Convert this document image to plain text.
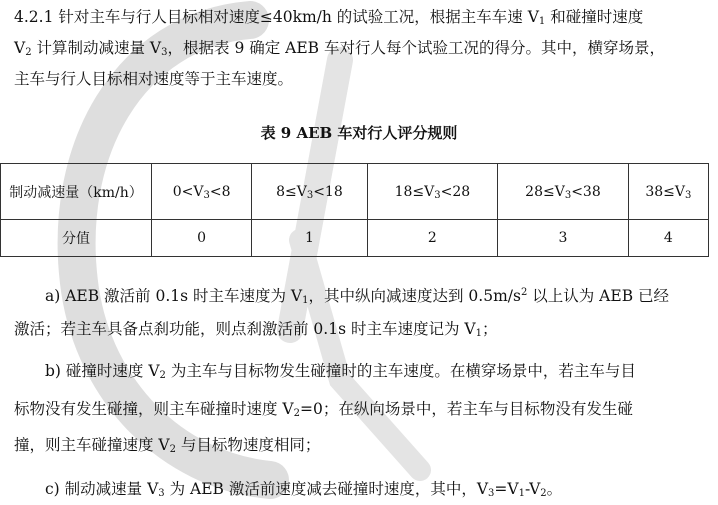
4.2.1 针对主车与行人目标相对速度≤40km/h 的试验工况，根据主车车速 $V_1$ 和碰撞时速度

$V_2$ 计算制动减速量 $V_3$，根据表 9 确定 AEB 车对行人每个试验工况的得分。其中，横穿场景，

主车与行人目标相对速度等于主车速度。

表 9 AEB 车对行人评分规则
制动减速量（km/h）	$0<V_3<8$	$8\le V_3<18$	$18\le V_3<28$	$28\le V_3<38$	$38\le V_3$
分值	0	1	2	3	4

a) AEB 激活前 0.1s 时主车速度为 $V_1$，其中纵向减速度达到 $0.5m/s^2$ 以上认为 AEB 已经

激活；若主车具备点刹功能，则点刹激活前 0.1s 时主车速度记为 $V_1$；

b) 碰撞时速度 $V_2$ 为主车与目标物发生碰撞时的主车速度。在横穿场景中，若主车与目

标物没有发生碰撞，则主车碰撞时速度 $V_2=0$；在纵向场景中，若主车与目标物没有发生碰

撞，则主车碰撞速度 $V_2$ 与目标物速度相同；

c) 制动减速量 $V_3$ 为 AEB 激活前速度减去碰撞时速度，其中，$V_3=V_1-V_2$。
